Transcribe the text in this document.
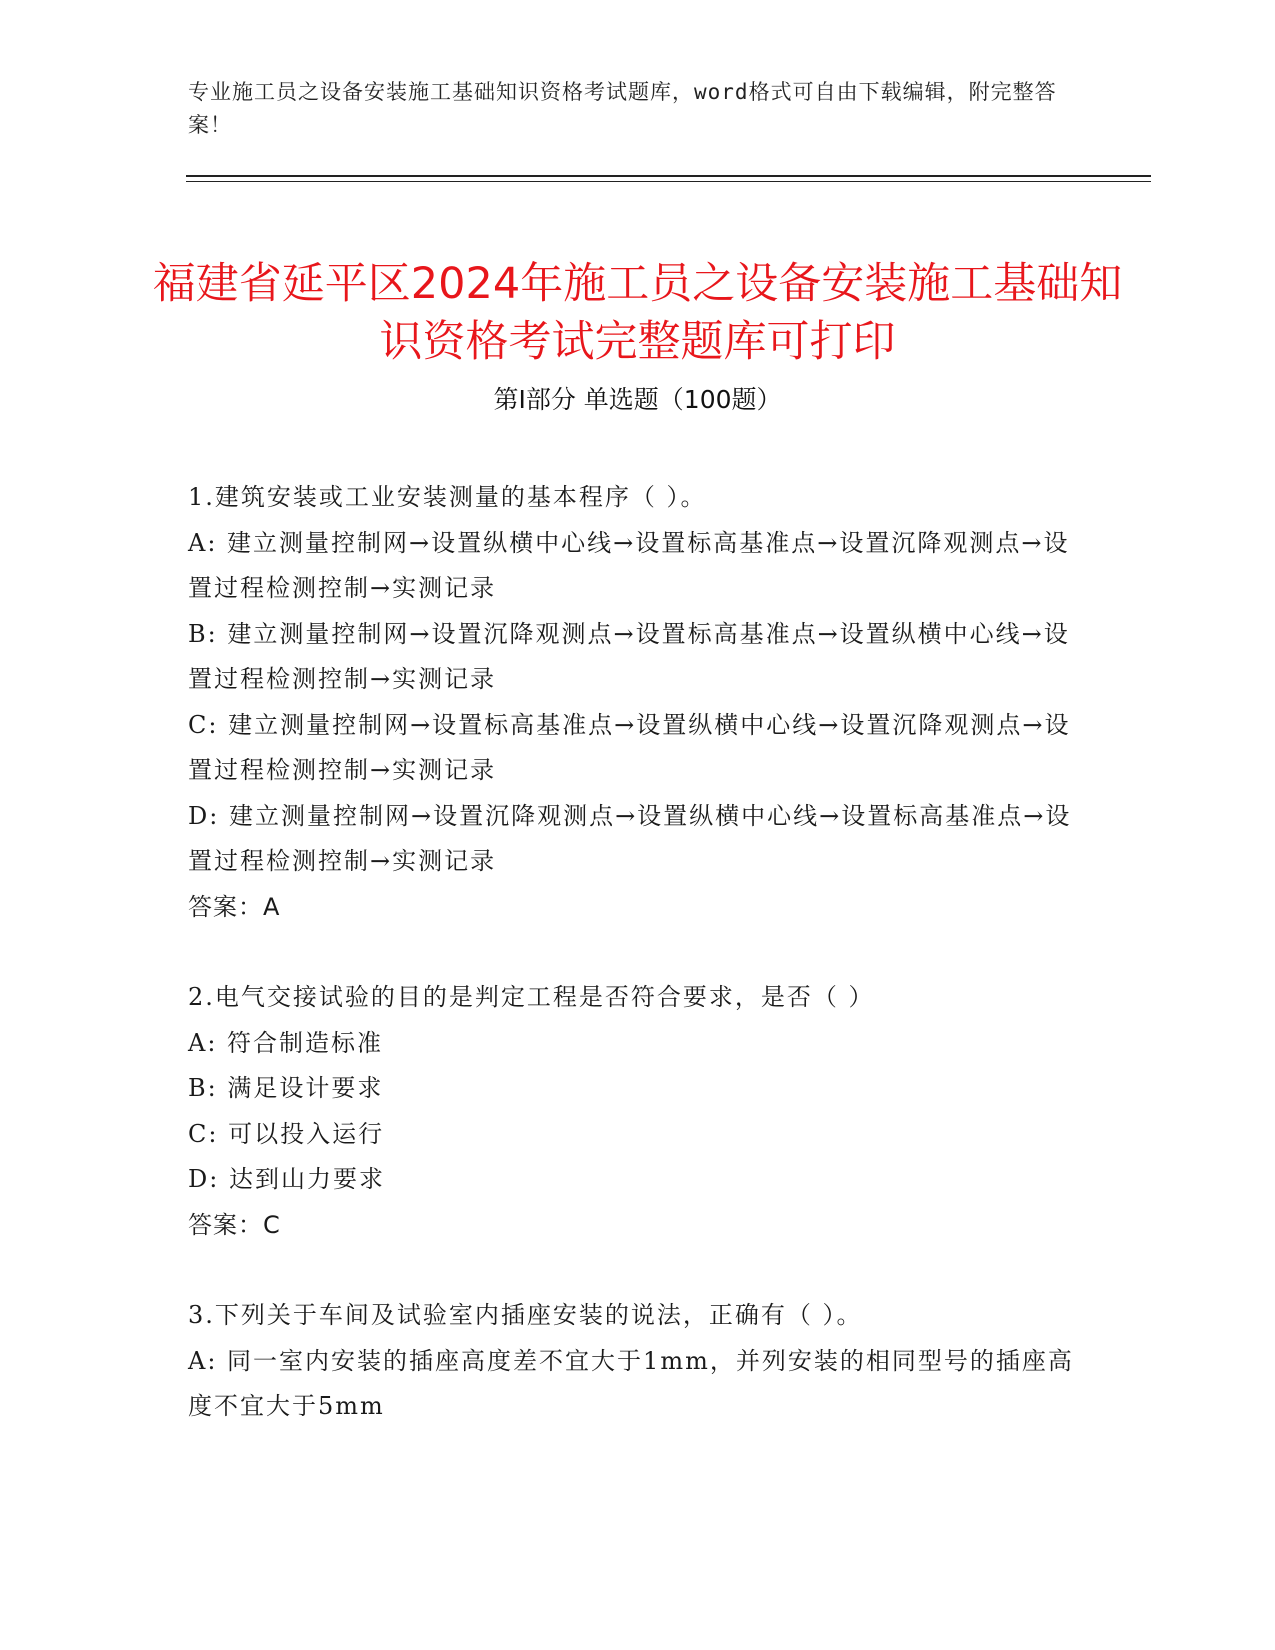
专业施工员之设备安装施工基础知识资格考试题库，word格式可自由下载编辑，附完整答案！
福建省延平区2024年施工员之设备安装施工基础知识资格考试完整题库可打印
第I部分 单选题（100题）

1.建筑安装或工业安装测量的基本程序（ ）。

A: 建立测量控制网→设置纵横中心线→设置标高基准点→设置沉降观测点→设置过程检测控制→实测记录

B: 建立测量控制网→设置沉降观测点→设置标高基准点→设置纵横中心线→设置过程检测控制→实测记录

C: 建立测量控制网→设置标高基准点→设置纵横中心线→设置沉降观测点→设置过程检测控制→实测记录

D: 建立测量控制网→设置沉降观测点→设置纵横中心线→设置标高基准点→设置过程检测控制→实测记录

答案：A

2.电气交接试验的目的是判定工程是否符合要求，是否（ ）

A: 符合制造标准

B: 满足设计要求

C: 可以投入运行

D: 达到山力要求

答案：C

3.下列关于车间及试验室内插座安装的说法，正确有（ ）。

A: 同一室内安装的插座高度差不宜大于1mm，并列安装的相同型号的插座高度不宜大于5mm
